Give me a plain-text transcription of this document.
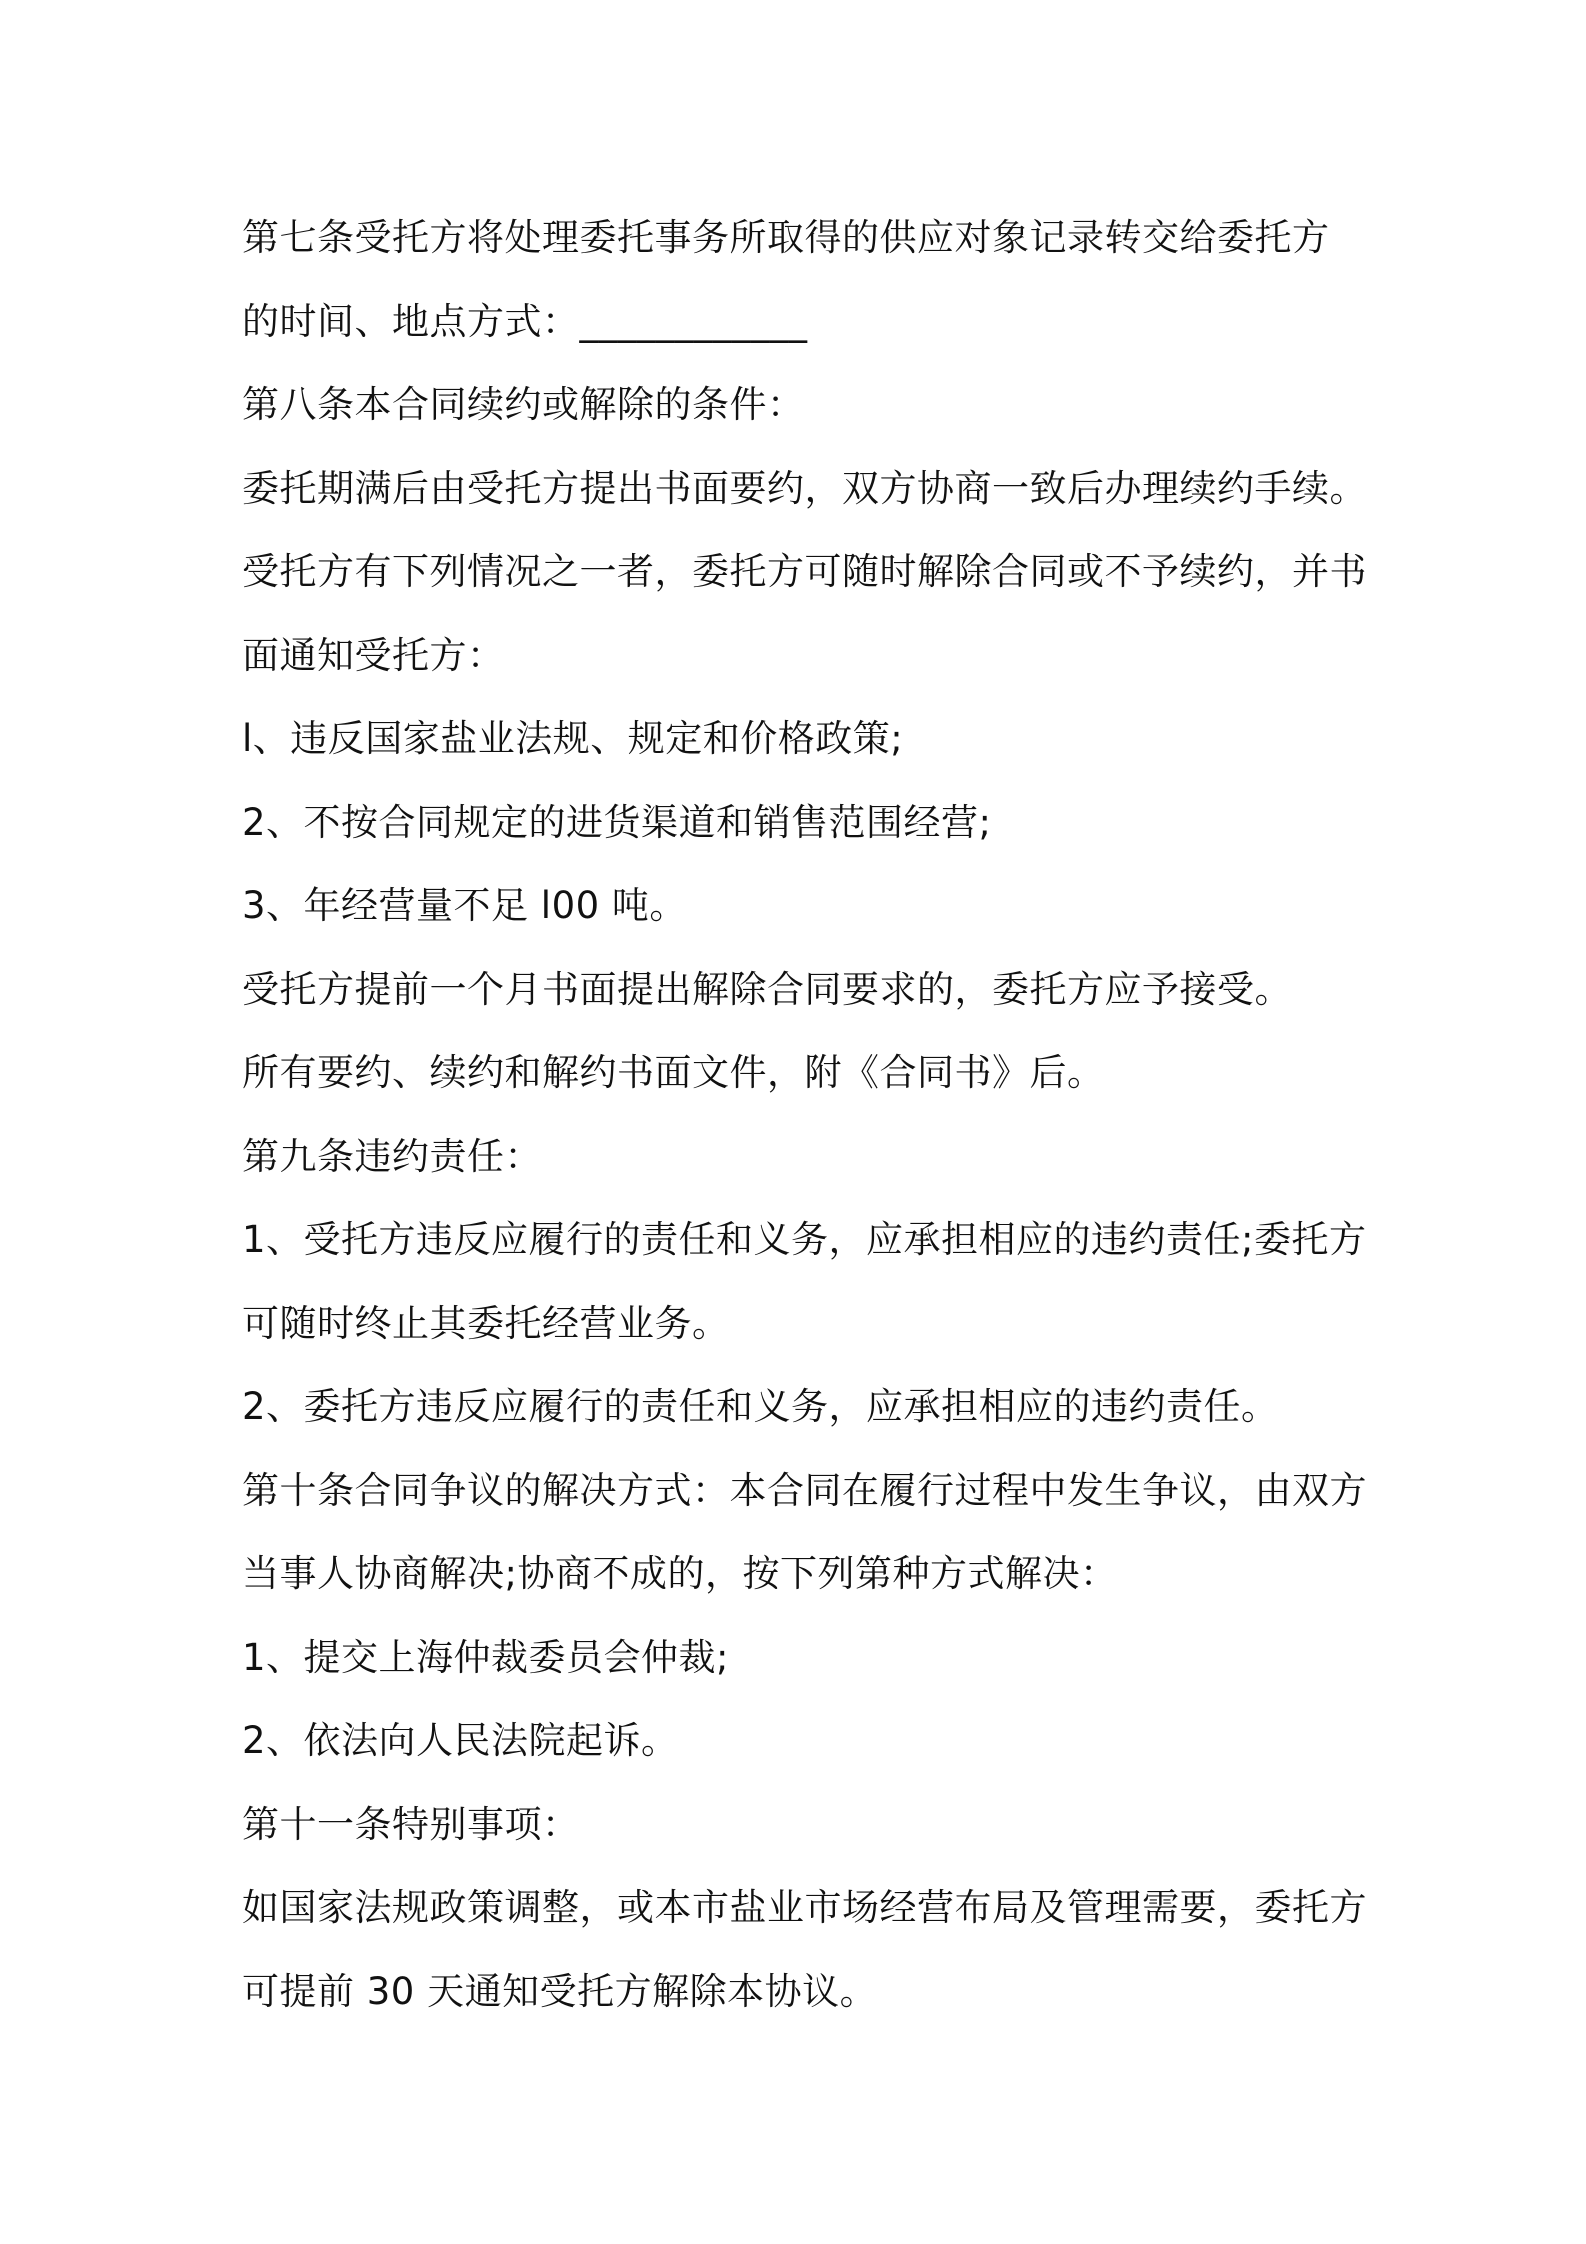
第七条受托方将处理委托事务所取得的供应对象记录转交给委托方
的时间、地点方式：____________
第八条本合同续约或解除的条件：
委托期满后由受托方提出书面要约，双方协商一致后办理续约手续。
受托方有下列情况之一者，委托方可随时解除合同或不予续约，并书
面通知受托方：
l、违反国家盐业法规、规定和价格政策;
2、不按合同规定的进货渠道和销售范围经营;
3、年经营量不足 l00 吨。
受托方提前一个月书面提出解除合同要求的，委托方应予接受。
所有要约、续约和解约书面文件，附《合同书》后。
第九条违约责任：
1、受托方违反应履行的责任和义务，应承担相应的违约责任;委托方
可随时终止其委托经营业务。
2、委托方违反应履行的责任和义务，应承担相应的违约责任。
第十条合同争议的解决方式：本合同在履行过程中发生争议，由双方
当事人协商解决;协商不成的，按下列第种方式解决：
1、提交上海仲裁委员会仲裁;
2、依法向人民法院起诉。
第十一条特别事项：
如国家法规政策调整，或本市盐业市场经营布局及管理需要，委托方
可提前 30 天通知受托方解除本协议。
